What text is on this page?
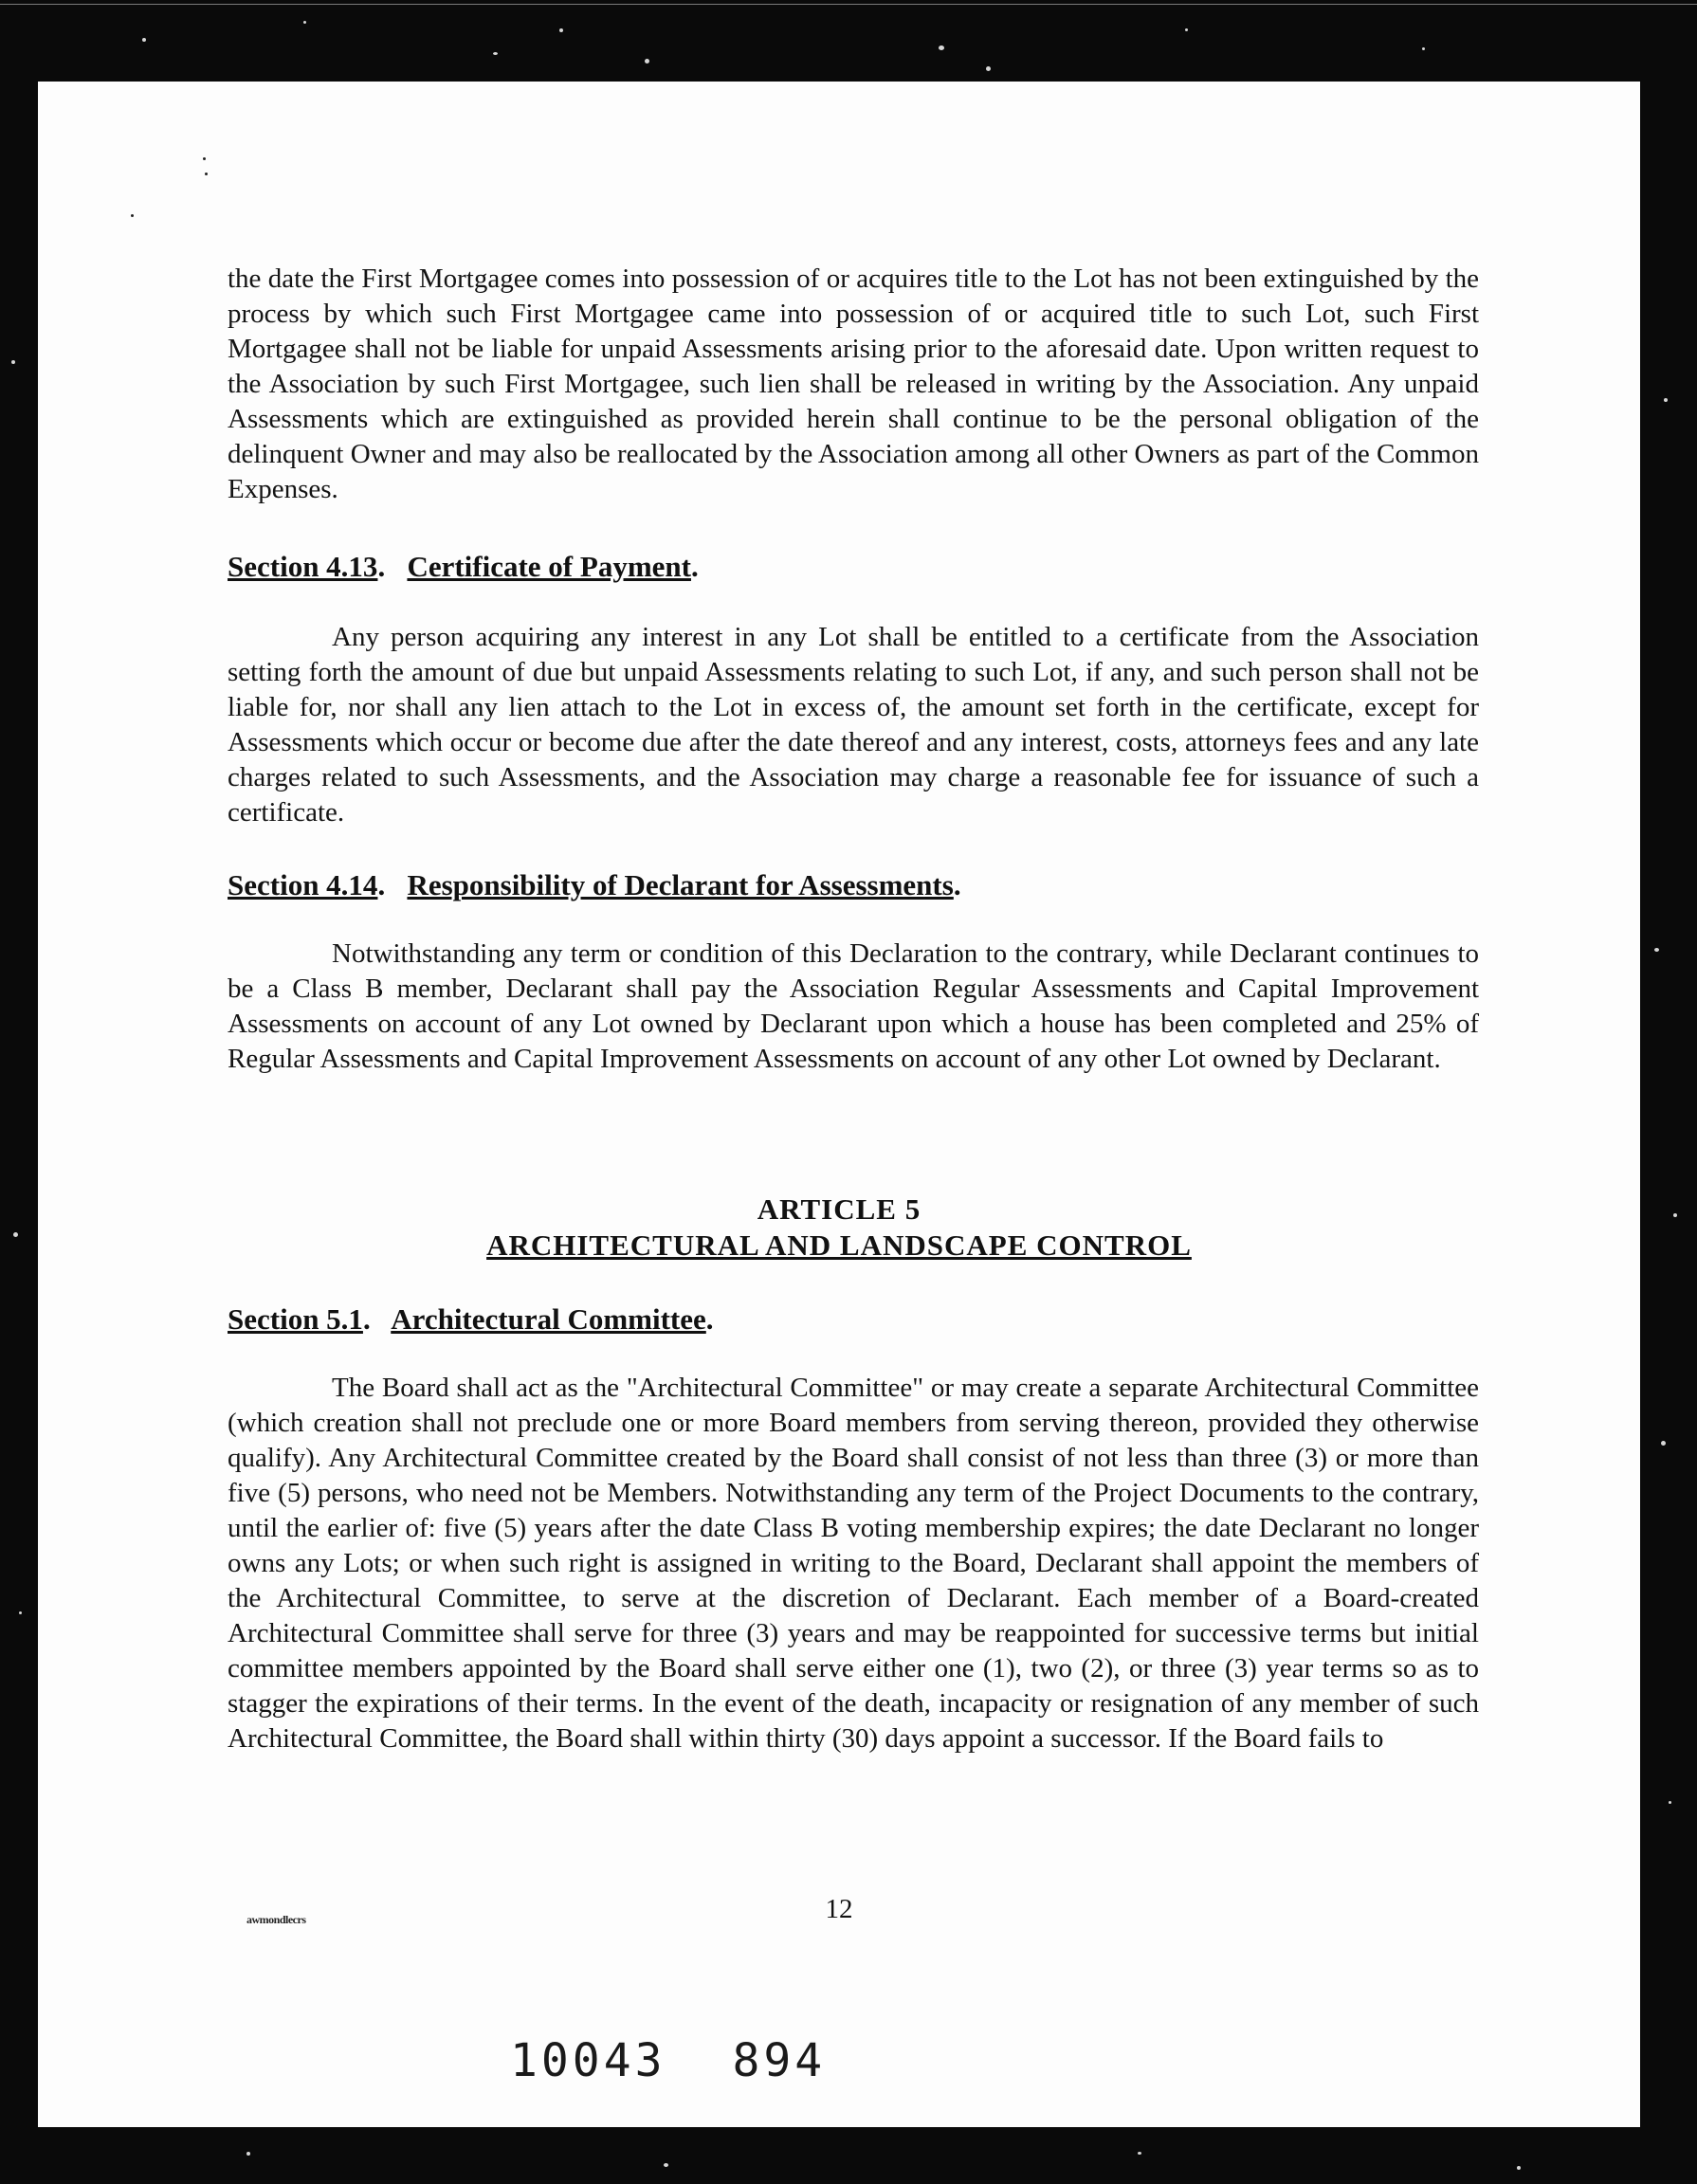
the date the First Mortgagee comes into possession of or acquires title to the Lot has not been extinguished by the process by which such First Mortgagee came into possession of or acquired title to such Lot, such First Mortgagee shall not be liable for unpaid Assessments arising prior to the aforesaid date. Upon written request to the Association by such First Mortgagee, such lien shall be released in writing by the Association. Any unpaid Assessments which are extinguished as provided herein shall continue to be the personal obligation of the delinquent Owner and may also be reallocated by the Association among all other Owners as part of the Common Expenses.
Section 4.13.   Certificate of Payment.
Any person acquiring any interest in any Lot shall be entitled to a certificate from the Association setting forth the amount of due but unpaid Assessments relating to such Lot, if any, and such person shall not be liable for, nor shall any lien attach to the Lot in excess of, the amount set forth in the certificate, except for Assessments which occur or become due after the date thereof and any interest, costs, attorneys fees and any late charges related to such Assessments, and the Association may charge a reasonable fee for issuance of such a certificate.
Section 4.14.   Responsibility of Declarant for Assessments.
Notwithstanding any term or condition of this Declaration to the contrary, while Declarant continues to be a Class B member, Declarant shall pay the Association Regular Assessments and Capital Improvement Assessments on account of any Lot owned by Declarant upon which a house has been completed and 25% of Regular Assessments and Capital Improvement Assessments on account of any other Lot owned by Declarant.
ARTICLE 5
ARCHITECTURAL AND LANDSCAPE CONTROL
Section 5.1.   Architectural Committee.
The Board shall act as the "Architectural Committee" or may create a separate Architectural Committee (which creation shall not preclude one or more Board members from serving thereon, provided they otherwise qualify). Any Architectural Committee created by the Board shall consist of not less than three (3) or more than five (5) persons, who need not be Members. Notwithstanding any term of the Project Documents to the contrary, until the earlier of: five (5) years after the date Class B voting membership expires; the date Declarant no longer owns any Lots; or when such right is assigned in writing to the Board, Declarant shall appoint the members of the Architectural Committee, to serve at the discretion of Declarant. Each member of a Board-created Architectural Committee shall serve for three (3) years and may be reappointed for successive terms but initial committee members appointed by the Board shall serve either one (1), two (2), or three (3) year terms so as to stagger the expirations of their terms. In the event of the death, incapacity or resignation of any member of such Architectural Committee, the Board shall within thirty (30) days appoint a successor. If the Board fails to
awmondlecrs	12
10043 894
